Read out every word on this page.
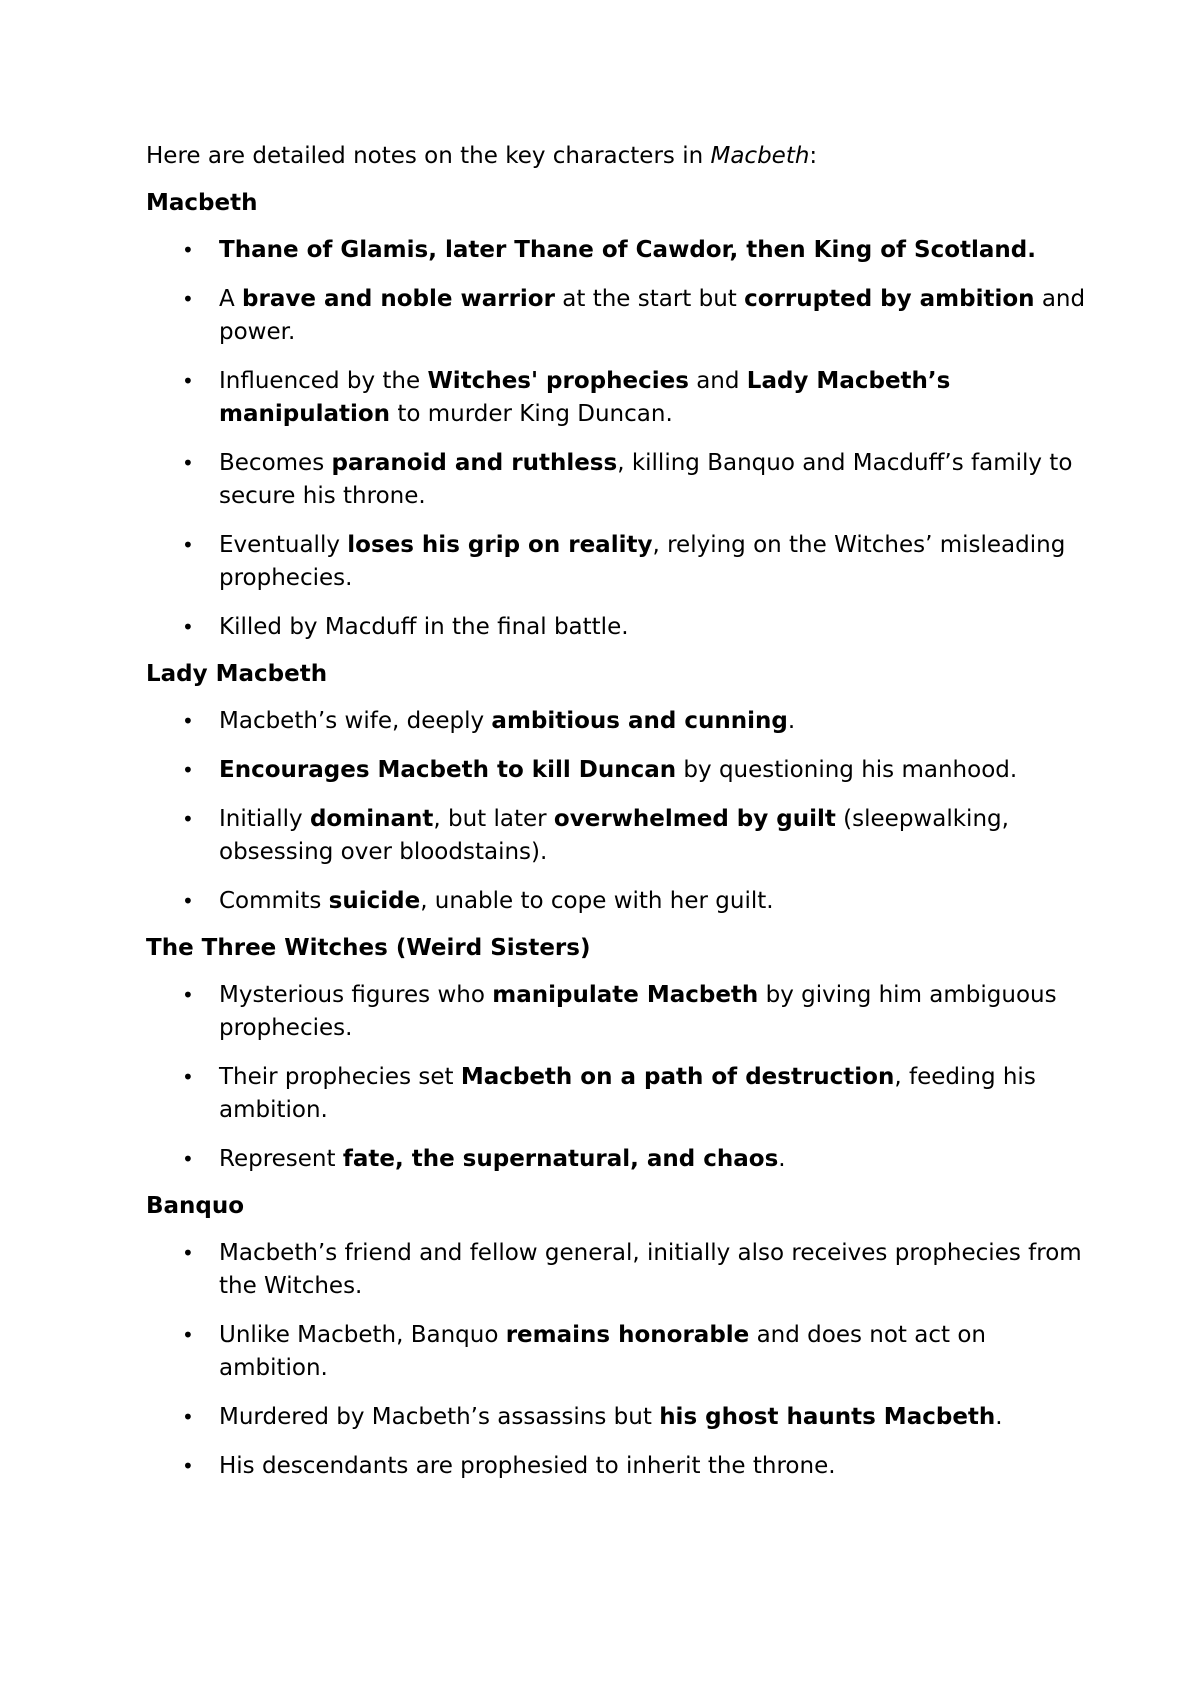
Here are detailed notes on the key characters in Macbeth:

Macbeth
• Thane of Glamis, later Thane of Cawdor, then King of Scotland.
• A brave and noble warrior at the start but corrupted by ambition and power.
• Influenced by the Witches' prophecies and Lady Macbeth’s manipulation to murder King Duncan.
• Becomes paranoid and ruthless, killing Banquo and Macduff’s family to secure his throne.
• Eventually loses his grip on reality, relying on the Witches’ misleading prophecies.
• Killed by Macduff in the final battle.
Lady Macbeth
• Macbeth’s wife, deeply ambitious and cunning.
• Encourages Macbeth to kill Duncan by questioning his manhood.
• Initially dominant, but later overwhelmed by guilt (sleepwalking, obsessing over bloodstains).
• Commits suicide, unable to cope with her guilt.
The Three Witches (Weird Sisters)
• Mysterious figures who manipulate Macbeth by giving him ambiguous prophecies.
• Their prophecies set Macbeth on a path of destruction, feeding his ambition.
• Represent fate, the supernatural, and chaos.
Banquo
• Macbeth’s friend and fellow general, initially also receives prophecies from the Witches.
• Unlike Macbeth, Banquo remains honorable and does not act on ambition.
• Murdered by Macbeth’s assassins but his ghost haunts Macbeth.
• His descendants are prophesied to inherit the throne.
